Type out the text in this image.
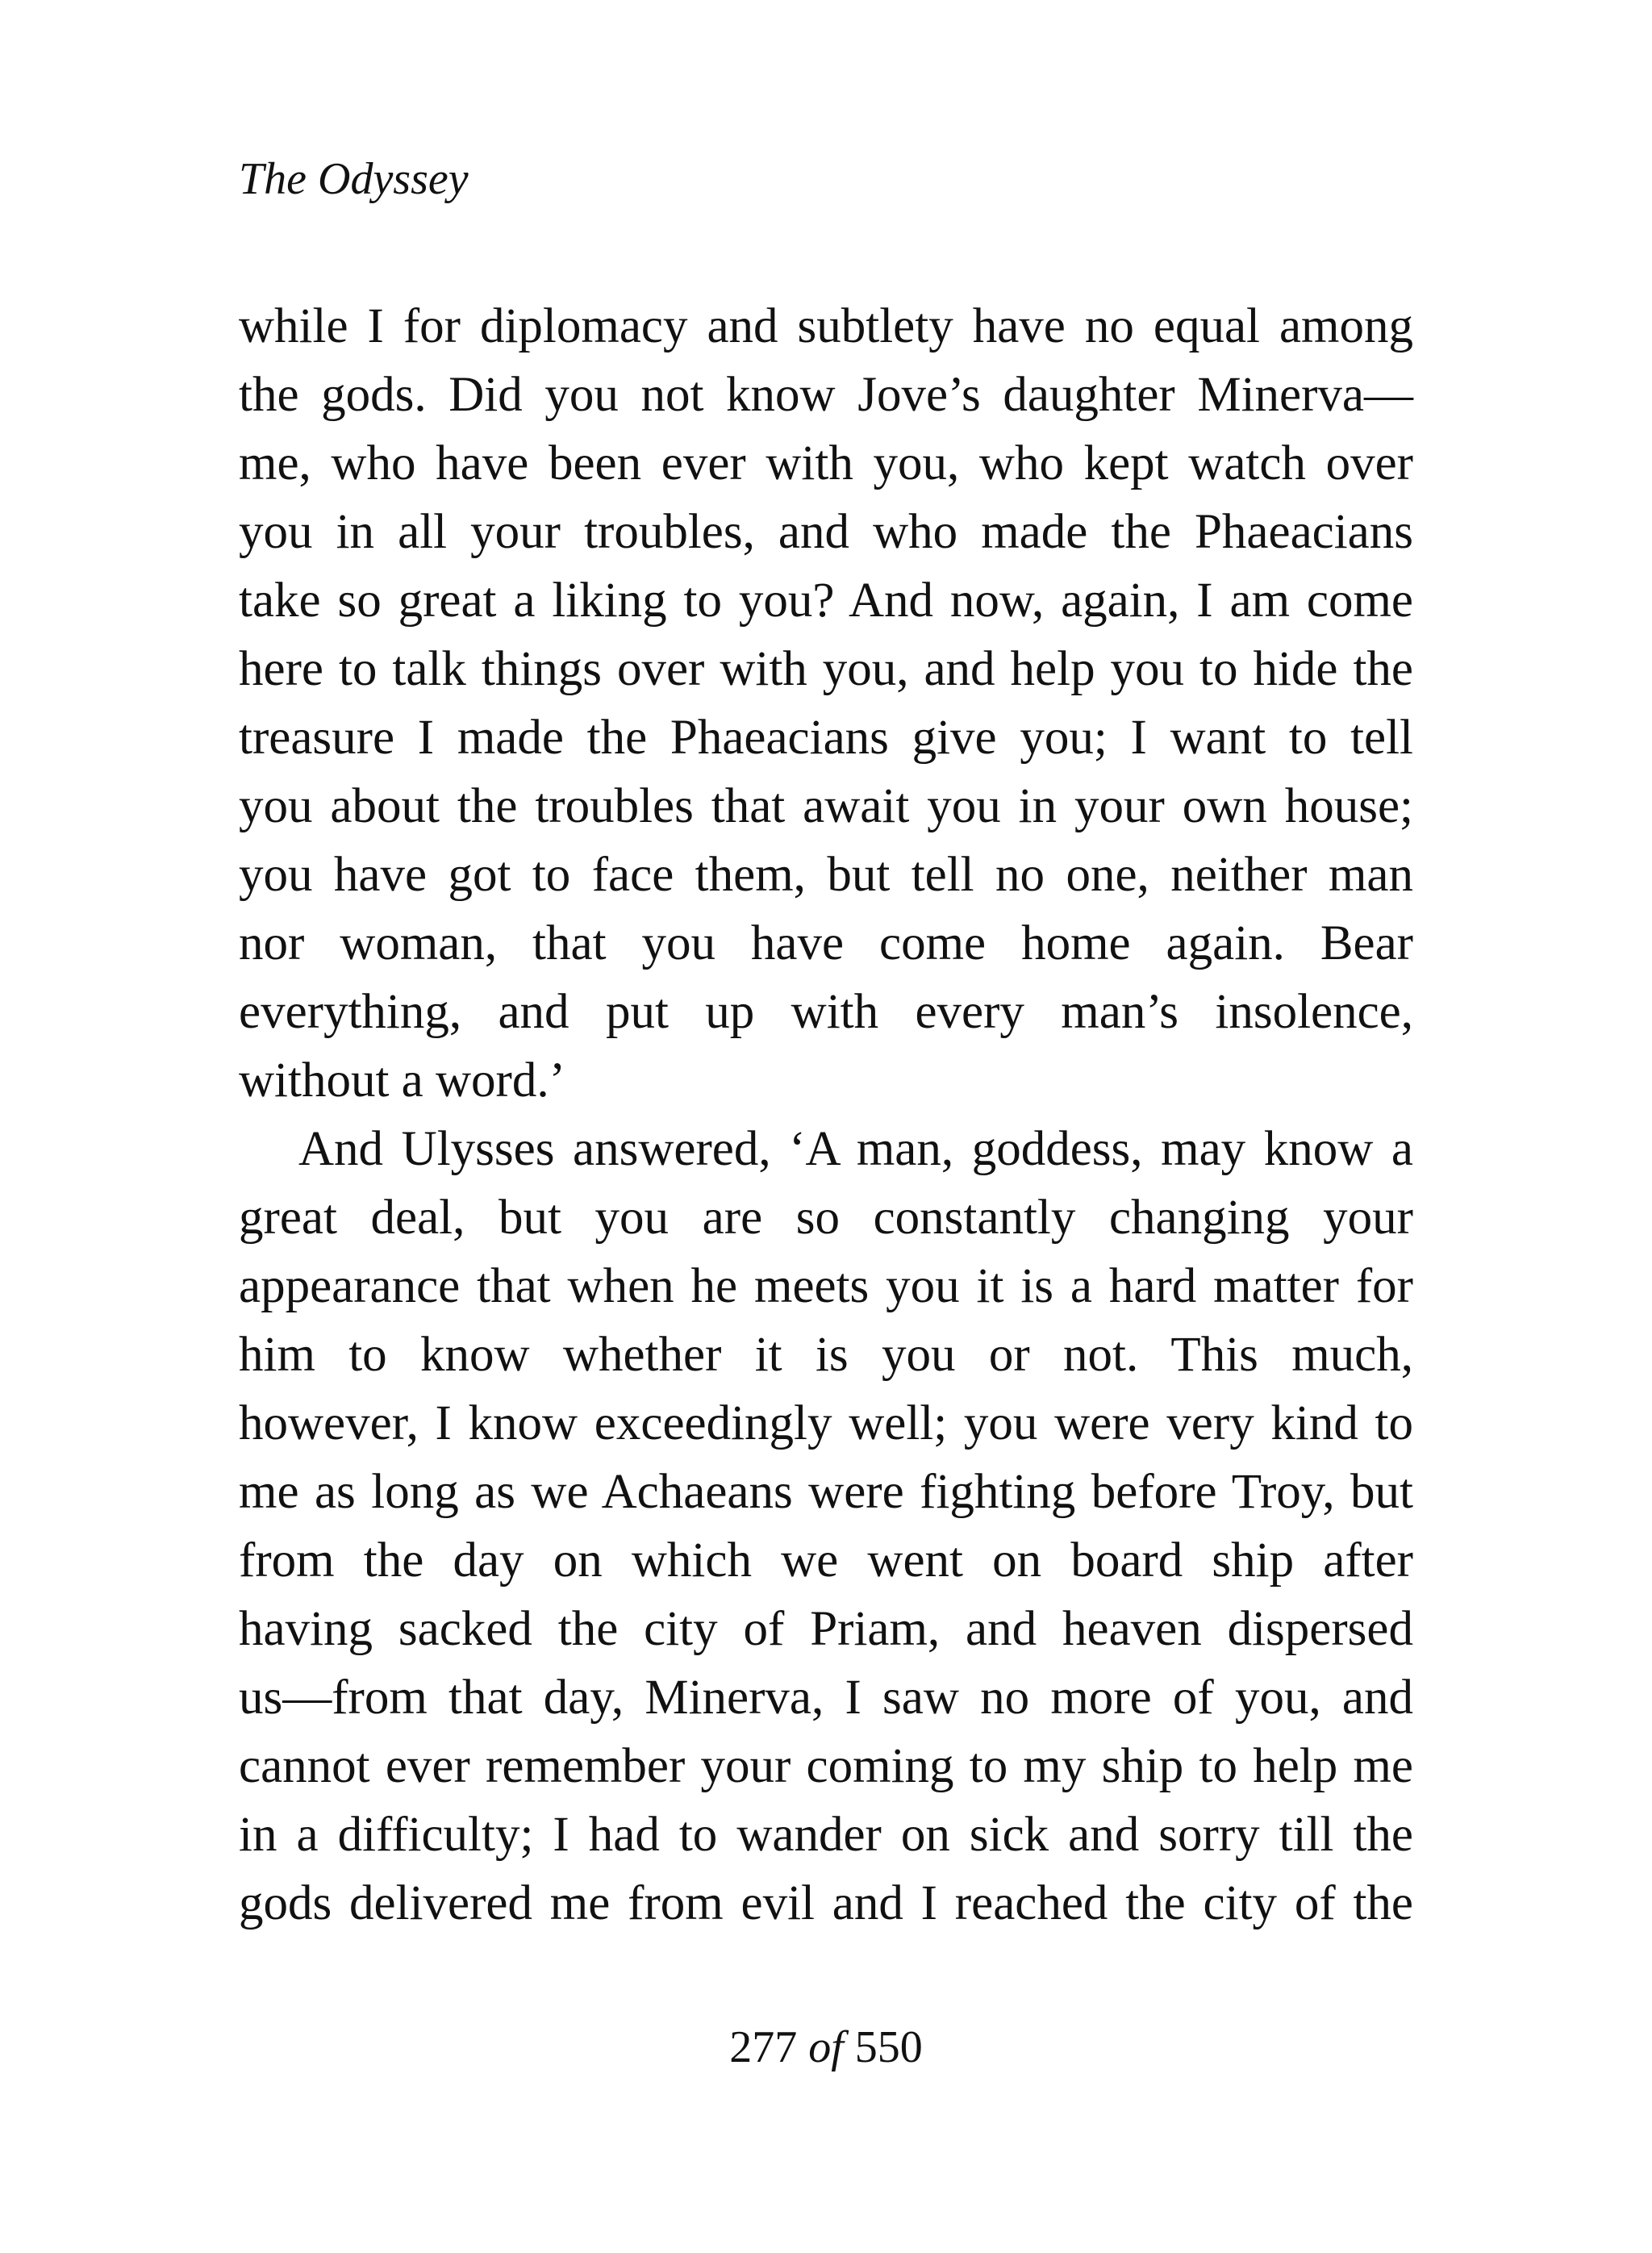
The Odyssey
while I for diplomacy and subtlety have no equal among
the gods. Did you not know Jove’s daughter Minerva—
me, who have been ever with you, who kept watch over
you in all your troubles, and who made the Phaeacians
take so great a liking to you? And now, again, I am come
here to talk things over with you, and help you to hide the
treasure I made the Phaeacians give you; I want to tell
you about the troubles that await you in your own house;
you have got to face them, but tell no one, neither man
nor woman, that you have come home again. Bear
everything, and put up with every man’s insolence,
without a word.’
And Ulysses answered, ‘A man, goddess, may know a
great deal, but you are so constantly changing your
appearance that when he meets you it is a hard matter for
him to know whether it is you or not. This much,
however, I know exceedingly well; you were very kind to
me as long as we Achaeans were fighting before Troy, but
from the day on which we went on board ship after
having sacked the city of Priam, and heaven dispersed
us—from that day, Minerva, I saw no more of you, and
cannot ever remember your coming to my ship to help me
in a difficulty; I had to wander on sick and sorry till the
gods delivered me from evil and I reached the city of the
277 of 550
